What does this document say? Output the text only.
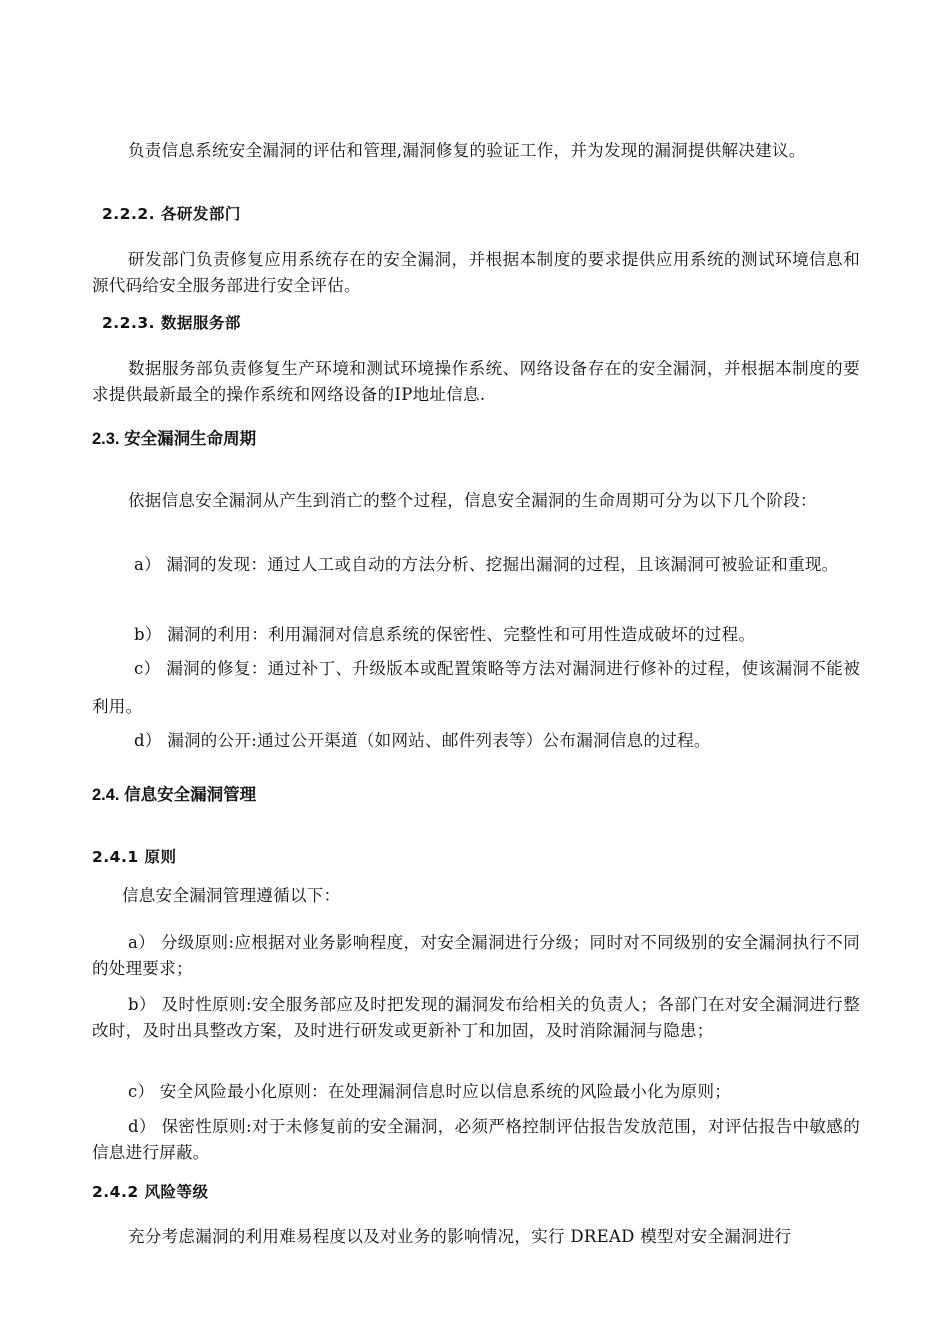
负责信息系统安全漏洞的评估和管理,漏洞修复的验证工作，并为发现的漏洞提供解决建议。

2.2.2. 各研发部门

研发部门负责修复应用系统存在的安全漏洞，并根据本制度的要求提供应用系统的测试环境信息和源代码给安全服务部进行安全评估。

2.2.3. 数据服务部

数据服务部负责修复生产环境和测试环境操作系统、网络设备存在的安全漏洞，并根据本制度的要求提供最新最全的操作系统和网络设备的IP地址信息.

2.3. 安全漏洞生命周期

依据信息安全漏洞从产生到消亡的整个过程，信息安全漏洞的生命周期可分为以下几个阶段：

a） 漏洞的发现：通过人工或自动的方法分析、挖掘出漏洞的过程，且该漏洞可被验证和重现。

b） 漏洞的利用：利用漏洞对信息系统的保密性、完整性和可用性造成破坏的过程。

c） 漏洞的修复：通过补丁、升级版本或配置策略等方法对漏洞进行修补的过程，使该漏洞不能被利用。

d） 漏洞的公开:通过公开渠道（如网站、邮件列表等）公布漏洞信息的过程。
2.4. 信息安全漏洞管理
2.4.1 原则

信息安全漏洞管理遵循以下：

a） 分级原则:应根据对业务影响程度，对安全漏洞进行分级；同时对不同级别的安全漏洞执行不同的处理要求；

b） 及时性原则:安全服务部应及时把发现的漏洞发布给相关的负责人；各部门在对安全漏洞进行整改时，及时出具整改方案，及时进行研发或更新补丁和加固，及时消除漏洞与隐患；

c） 安全风险最小化原则：在处理漏洞信息时应以信息系统的风险最小化为原则；

d） 保密性原则:对于未修复前的安全漏洞，必须严格控制评估报告发放范围，对评估报告中敏感的信息进行屏蔽。

2.4.2 风险等级

充分考虑漏洞的利用难易程度以及对业务的影响情况，实行 DREAD 模型对安全漏洞进行
